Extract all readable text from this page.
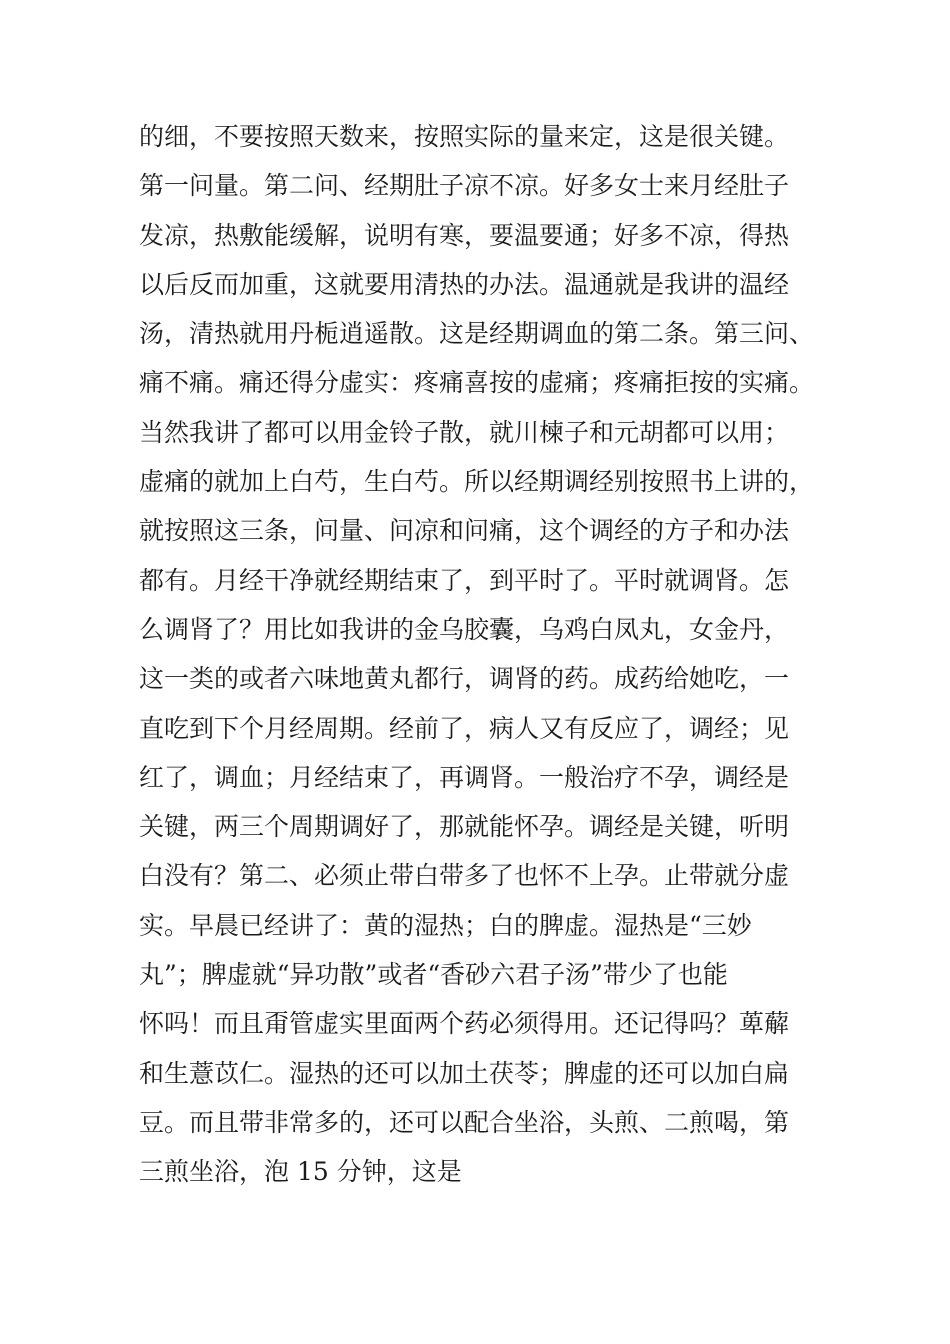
的细，不要按照天数来，按照实际的量来定，这是很关键。
第一问量。第二问、经期肚子凉不凉。好多女士来月经肚子
发凉，热敷能缓解，说明有寒，要温要通；好多不凉，得热
以后反而加重，这就要用清热的办法。温通就是我讲的温经
汤，清热就用丹栀逍遥散。这是经期调血的第二条。第三问、
痛不痛。痛还得分虚实：疼痛喜按的虚痛；疼痛拒按的实痛。
当然我讲了都可以用金铃子散，就川楝子和元胡都可以用；
虚痛的就加上白芍，生白芍。所以经期调经别按照书上讲的，
就按照这三条，问量、问凉和问痛，这个调经的方子和办法
都有。月经干净就经期结束了，到平时了。平时就调肾。怎
么调肾了？用比如我讲的金乌胶囊，乌鸡白凤丸，女金丹，
这一类的或者六味地黄丸都行，调肾的药。成药给她吃，一
直吃到下个月经周期。经前了，病人又有反应了，调经；见
红了，调血；月经结束了，再调肾。一般治疗不孕，调经是
关键，两三个周期调好了，那就能怀孕。调经是关键，听明
白没有？第二、必须止带白带多了也怀不上孕。止带就分虚
实。早晨已经讲了：黄的湿热；白的脾虚。湿热是“三妙
丸”；脾虚就“异功散”或者“香砂六君子汤”带少了也能
怀吗！而且甭管虚实里面两个药必须得用。还记得吗？萆薢
和生薏苡仁。湿热的还可以加土茯苓；脾虚的还可以加白扁
豆。而且带非常多的，还可以配合坐浴，头煎、二煎喝，第
三煎坐浴，泡 15 分钟，这是
